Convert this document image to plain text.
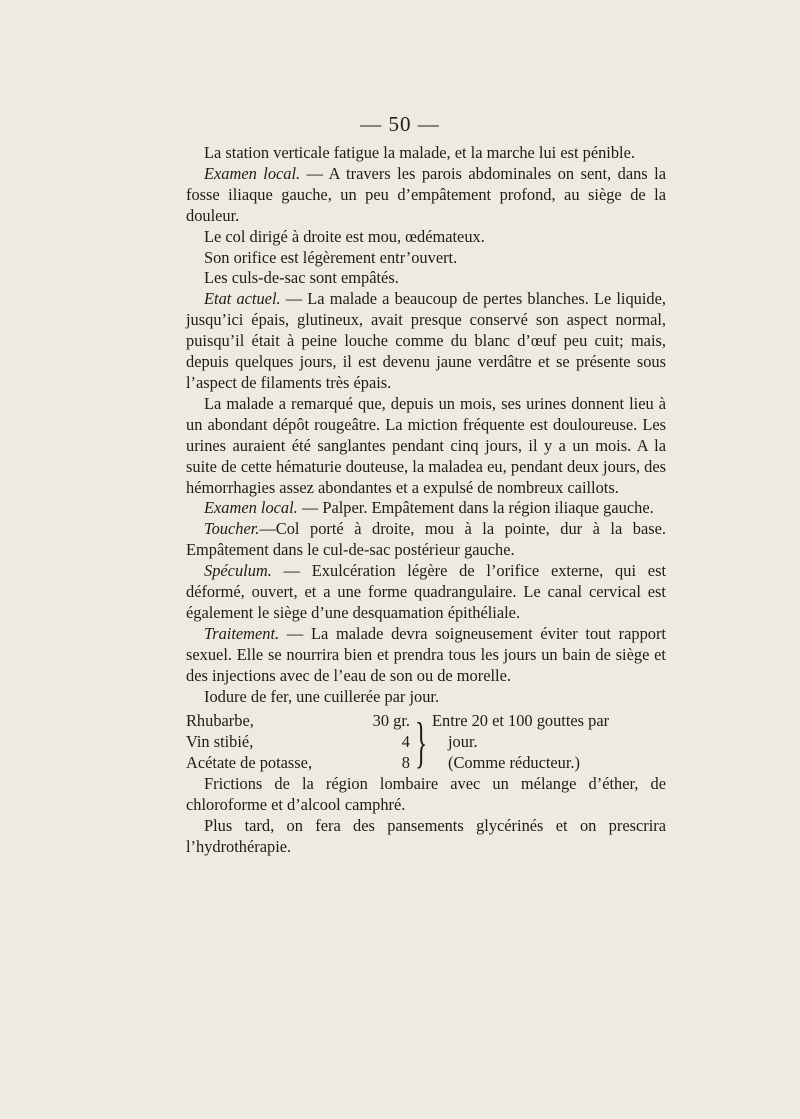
— 50 —

La station verticale fatigue la malade, et la marche lui est pénible.

Examen local. — A travers les parois abdominales on sent, dans la fosse iliaque gauche, un peu d’empâtement profond, au siège de la douleur.

Le col dirigé à droite est mou, œdémateux.

Son orifice est légèrement entr’ouvert.

Les culs-de-sac sont empâtés.

Etat actuel. — La malade a beaucoup de pertes blanches. Le liquide, jusqu’ici épais, glutineux, avait presque conservé son aspect normal, puisqu’il était à peine louche comme du blanc d’œuf peu cuit; mais, depuis quelques jours, il est devenu jaune verdâtre et se présente sous l’aspect de filaments très épais.

La malade a remarqué que, depuis un mois, ses urines donnent lieu à un abondant dépôt rougeâtre. La miction fréquente est douloureuse. Les urines auraient été sanglantes pendant cinq jours, il y a un mois. A la suite de cette hématurie douteuse, la maladea eu, pendant deux jours, des hémorrhagies assez abondantes et a expulsé de nombreux caillots.

Examen local. — Palper. Empâtement dans la région iliaque gauche.

Toucher.—Col porté à droite, mou à la pointe, dur à la base. Empâtement dans le cul-de-sac postérieur gauche.

Spéculum. — Exulcération légère de l’orifice externe, qui est déformé, ouvert, et a une forme quadrangulaire. Le canal cervical est également le siège d’une desquamation épithéliale.

Traitement. — La malade devra soigneusement éviter tout rapport sexuel. Elle se nourrira bien et prendra tous les jours un bain de siège et des injections avec de l’eau de son ou de morelle.

Iodure de fer, une cuillerée par jour.

Rhubarbe,	30 gr. } Entre 20 et 100 gouttes par
Vin stibié,	4	jour.
Acétate de potasse,	8	(Comme réducteur.)

Frictions de la région lombaire avec un mélange d’éther, de chloroforme et d’alcool camphré.

Plus tard, on fera des pansements glycérinés et on prescrira l’hydrothérapie.
